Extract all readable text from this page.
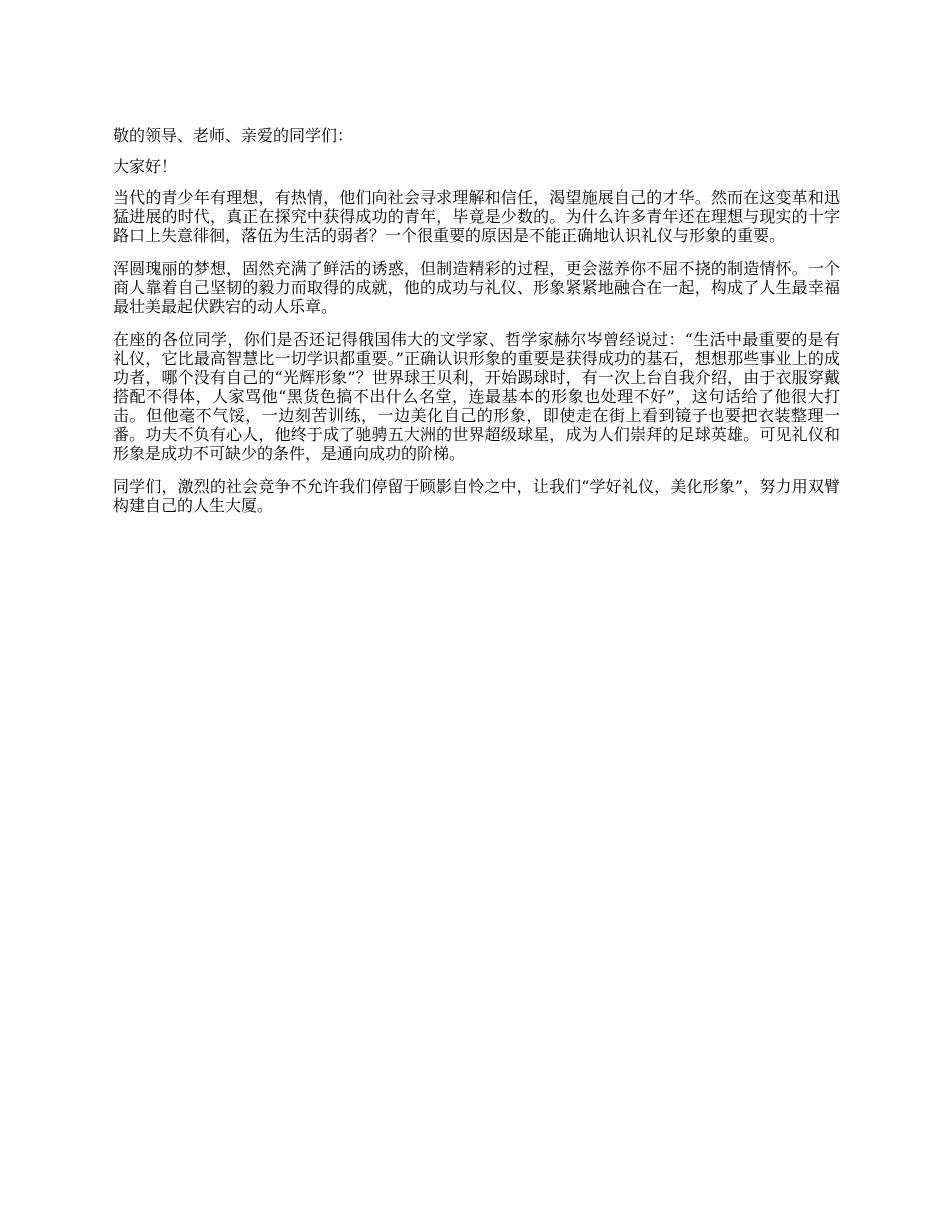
敬的领导、老师、亲爱的同学们：

大家好！

当代的青少年有理想，有热情，他们向社会寻求理解和信任，渴望施展自己的才华。然而在这变革和迅猛进展的时代，真正在探究中获得成功的青年，毕竟是少数的。为什么许多青年还在理想与现实的十字路口上失意徘徊，落伍为生活的弱者？一个很重要的原因是不能正确地认识礼仪与形象的重要。

浑圆瑰丽的梦想，固然充满了鲜活的诱惑，但制造精彩的过程，更会滋养你不屈不挠的制造情怀。一个商人靠着自己坚韧的毅力而取得的成就，他的成功与礼仪、形象紧紧地融合在一起，构成了人生最幸福最壮美最起伏跌宕的动人乐章。

在座的各位同学，你们是否还记得俄国伟大的文学家、哲学家赫尔岑曾经说过：“生活中最重要的是有礼仪，它比最高智慧比一切学识都重要。”正确认识形象的重要是获得成功的基石，想想那些事业上的成功者，哪个没有自己的“光辉形象”？世界球王贝利，开始踢球时，有一次上台自我介绍，由于衣服穿戴搭配不得体，人家骂他“黑货色搞不出什么名堂，连最基本的形象也处理不好”，这句话给了他很大打击。但他毫不气馁，一边刻苦训练，一边美化自己的形象，即使走在街上看到镜子也要把衣装整理一番。功夫不负有心人，他终于成了驰骋五大洲的世界超级球星，成为人们崇拜的足球英雄。可见礼仪和形象是成功不可缺少的条件，是通向成功的阶梯。

同学们，激烈的社会竞争不允许我们停留于顾影自怜之中，让我们“学好礼仪，美化形象”，努力用双臂构建自己的人生大厦。
